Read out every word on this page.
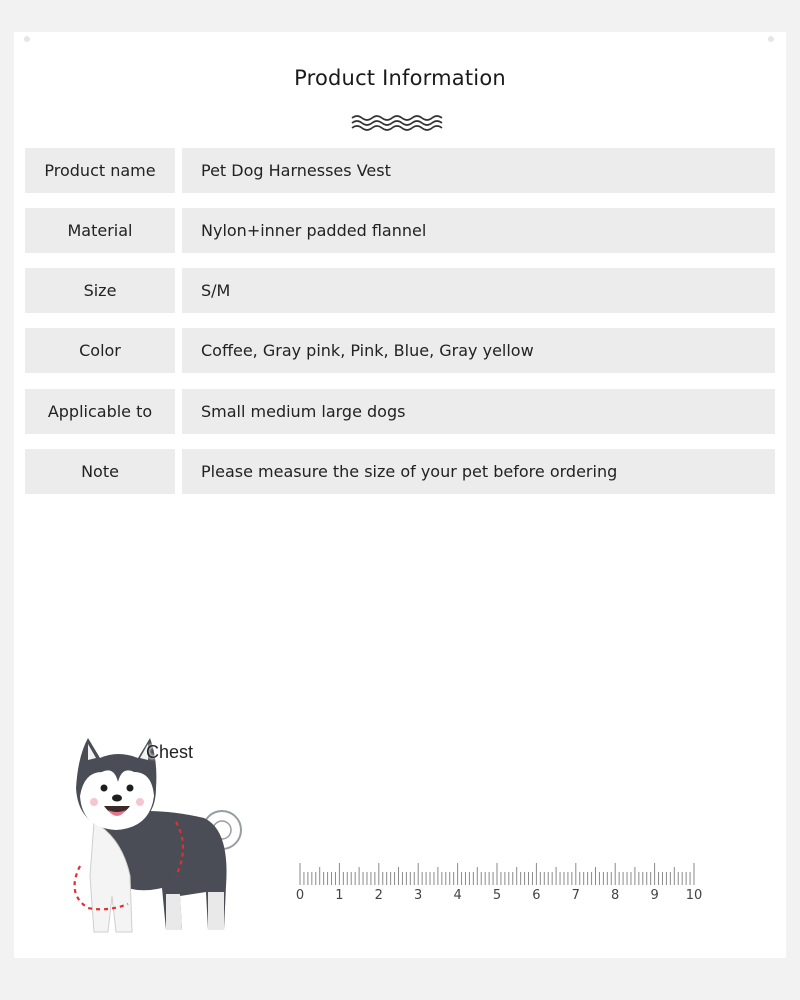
Product Information
Product name	Pet Dog Harnesses Vest
Material	Nylon+inner padded flannel
Size	S/M
Color	Coffee, Gray pink, Pink, Blue, Gray yellow
Applicable to	Small medium large dogs
Note	Please measure the size of your pet before ordering
Chest
0 1 2 3 4 5 6 7 8 9 10
